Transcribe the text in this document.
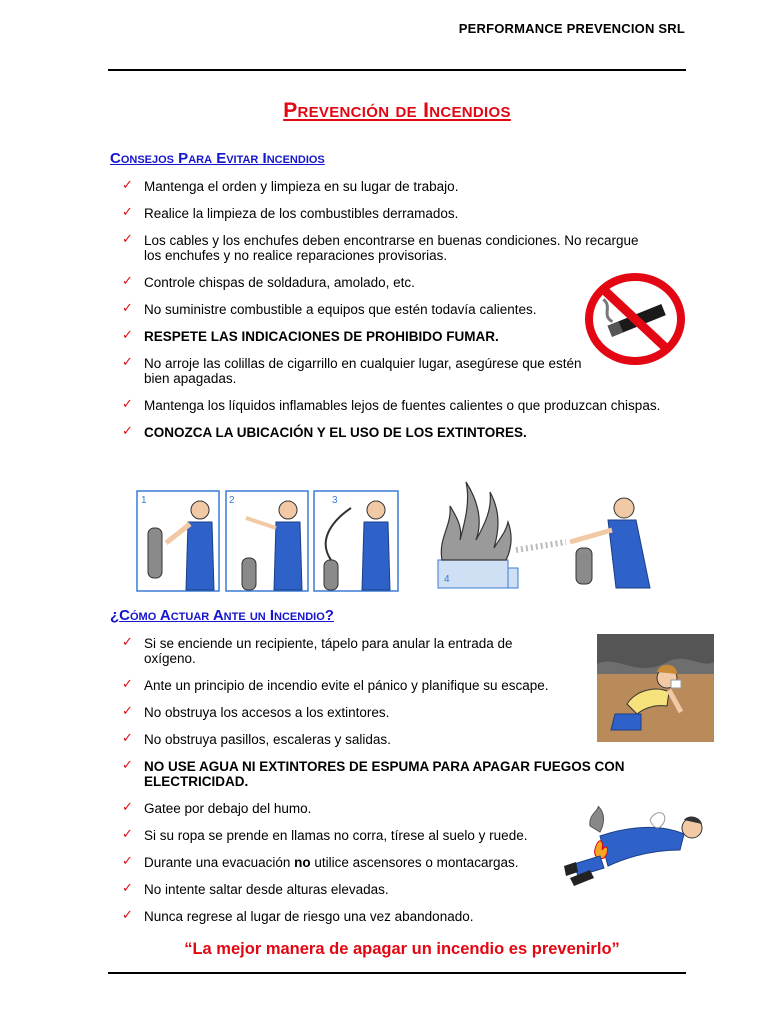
PERFORMANCE PREVENCION SRL
Prevención de Incendios
Consejos Para Evitar Incendios
✓ Mantenga el orden y limpieza en su lugar de trabajo.
✓ Realice la limpieza de los combustibles derramados.
✓ Los cables y los enchufes deben encontrarse en buenas condiciones. No recargue los enchufes y no realice reparaciones provisorias.
✓ Controle chispas de soldadura, amolado, etc.
✓ No suministre combustible a equipos que estén todavía calientes.
✓ RESPETE LAS INDICACIONES DE PROHIBIDO FUMAR.
✓ No arroje las colillas de cigarrillo en cualquier lugar, asegúrese que estén bien apagadas.
✓ Mantenga los líquidos inflamables lejos de fuentes calientes o que produzcan chispas.
✓ CONOZCA LA UBICACIÓN Y EL USO DE LOS EXTINTORES.
1	2	3
4
¿Cómo Actuar Ante un Incendio?
✓ Si se enciende un recipiente, tápelo para anular la entrada de oxígeno.
✓ Ante un principio de incendio evite el pánico y planifique su escape.
✓ No obstruya los accesos a los extintores.
✓ No obstruya pasillos, escaleras y salidas.
✓ NO USE AGUA NI EXTINTORES DE ESPUMA PARA APAGAR FUEGOS CON ELECTRICIDAD.
✓ Gatee por debajo del humo.
✓ Si su ropa se prende en llamas no corra, tírese al suelo y ruede.
✓ Durante una evacuación no utilice ascensores o montacargas.
✓ No intente saltar desde alturas elevadas.
✓ Nunca regrese al lugar de riesgo una vez abandonado.
“La mejor manera de apagar un incendio es prevenirlo”
